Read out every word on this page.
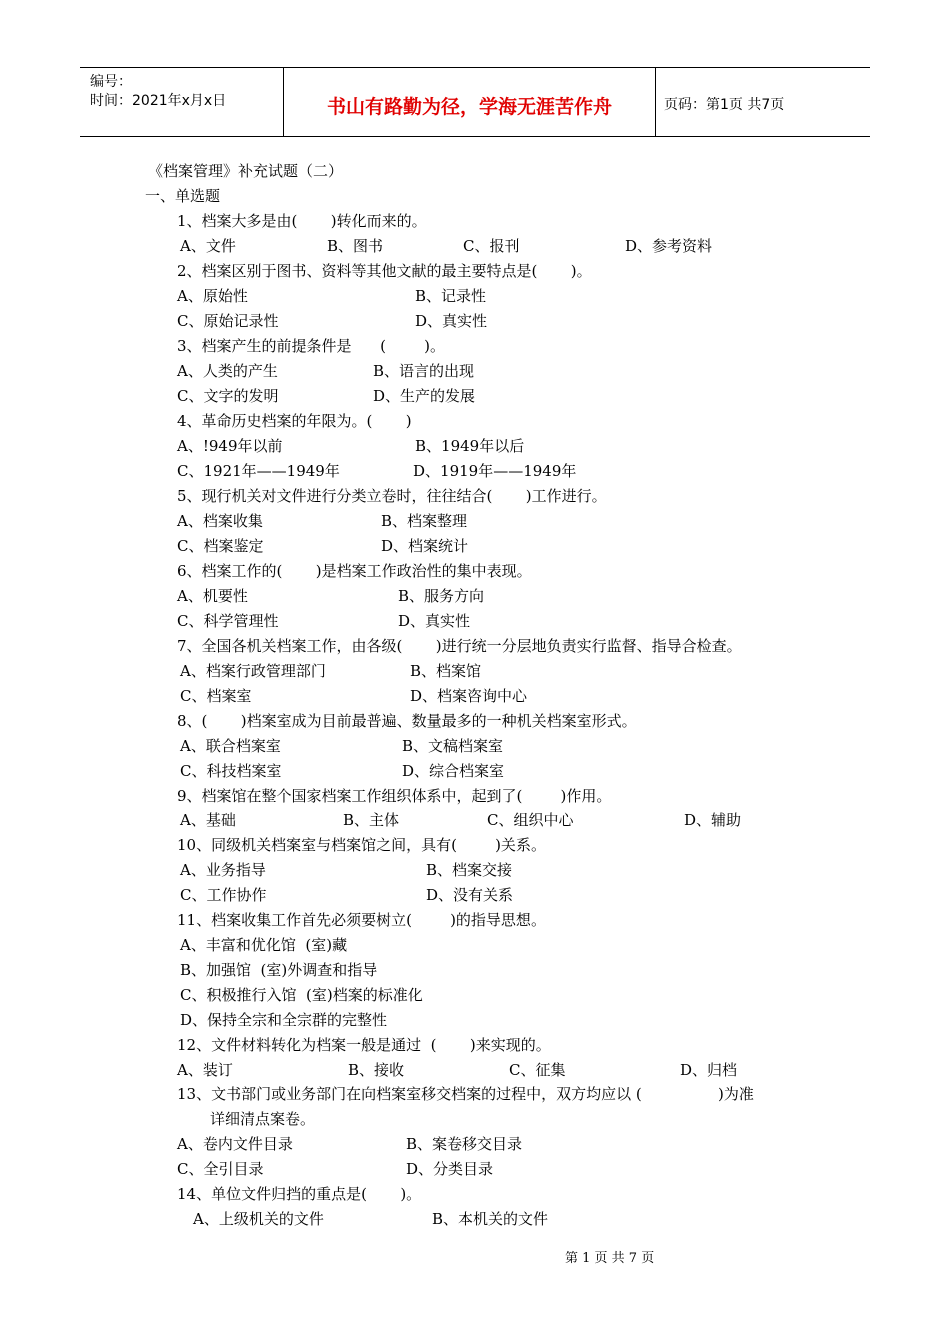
编号：
时间：2021年x月x日	书山有路勤为径，学海无涯苦作舟	页码：第1页 共7页
《档案管理》补充试题（二）
一、单选题
1、档案大多是由(       )转化而来的。
A、文件	B、图书	C、报刊	D、参考资料
2、档案区别于图书、资料等其他文献的最主要特点是(       )。
A、原始性	B、记录性
C、原始记录性	D、真实性
3、档案产生的前提条件是      (        )。
A、人类的产生	B、语言的出现
C、文字的发明	D、生产的发展
4、革命历史档案的年限为。(       )
A、!949年以前	B、1949年以后
C、1921年——1949年	D、1919年——1949年
5、现行机关对文件进行分类立卷时，往往结合(       )工作进行。
A、档案收集	B、档案整理
C、档案鉴定	D、档案统计
6、档案工作的(       )是档案工作政治性的集中表现。
A、机要性	B、服务方向
C、科学管理性	D、真实性
7、全国各机关档案工作，由各级(       )进行统一分层地负责实行监督、指导合检查。
A、档案行政管理部门	B、档案馆
C、档案室	D、档案咨询中心
8、(       )档案室成为目前最普遍、数量最多的一种机关档案室形式。
A、联合档案室	B、文稿档案室
C、科技档案室	D、综合档案室
9、档案馆在整个国家档案工作组织体系中，起到了(        )作用。
A、基础	B、主体	C、组织中心	D、辅助
10、同级机关档案室与档案馆之间，具有(        )关系。
A、业务指导	B、档案交接
C、工作协作	D、没有关系
11、档案收集工作首先必须要树立(        )的指导思想。
A、丰富和优化馆  (室)藏
B、加强馆  (室)外调查和指导
C、积极推行入馆  (室)档案的标准化
D、保持全宗和全宗群的完整性
12、文件材料转化为档案一般是通过  (       )来实现的。
A、装订	B、接收	C、征集	D、归档
13、文书部门或业务部门在向档案室移交档案的过程中，双方均应以 (                )为准
详细清点案卷。
A、卷内文件目录	B、案卷移交目录
C、全引目录	D、分类目录
14、单位文件归挡的重点是(       )。
A、上级机关的文件	B、本机关的文件
第 1 页 共 7 页
